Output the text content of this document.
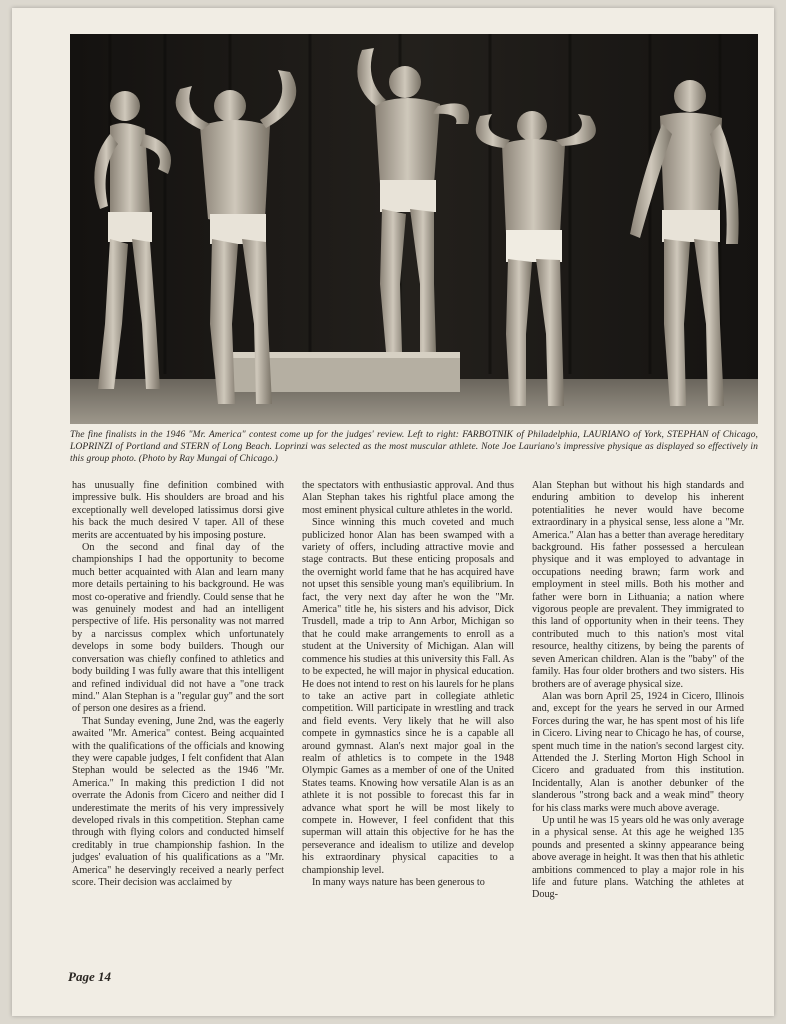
The fine finalists in the 1946 "Mr. America" contest come up for the judges' review. Left to right: FARBOTNIK of Philadelphia, LAURIANO of York, STEPHAN of Chicago, LOPRINZI of Portland and STERN of Long Beach. Loprinzi was selected as the most muscular athlete. Note Joe Lauriano's impressive physique as displayed so effectively in this group photo. (Photo by Ray Mungai of Chicago.)

has unusually fine definition combined with impressive bulk. His shoulders are broad and his exceptionally well developed latissimus dorsi give his back the much desired V taper. All of these merits are accentuated by his imposing posture.

On the second and final day of the championships I had the opportunity to become much better acquainted with Alan and learn many more details pertaining to his background. He was most co-operative and friendly. Could sense that he was genuinely modest and had an intelligent perspective of life. His personality was not marred by a narcissus complex which unfortunately develops in some body builders. Though our conversation was chiefly confined to athletics and body building I was fully aware that this intelligent and refined individual did not have a "one track mind." Alan Stephan is a "regular guy" and the sort of person one desires as a friend.

That Sunday evening, June 2nd, was the eagerly awaited "Mr. America" contest. Being acquainted with the qualifications of the officials and knowing they were capable judges, I felt confident that Alan Stephan would be selected as the 1946 "Mr. America." In making this prediction I did not overrate the Adonis from Cicero and neither did I underestimate the merits of his very impressively developed rivals in this competition. Stephan came through with flying colors and conducted himself creditably in true championship fashion. In the judges' evaluation of his qualifications as a "Mr. America" he deservingly received a nearly perfect score. Their decision was acclaimed by

the spectators with enthusiastic approval. And thus Alan Stephan takes his rightful place among the most eminent physical culture athletes in the world.

Since winning this much coveted and much publicized honor Alan has been swamped with a variety of offers, including attractive movie and stage contracts. But these enticing proposals and the overnight world fame that he has acquired have not upset this sensible young man's equilibrium. In fact, the very next day after he won the "Mr. America" title he, his sisters and his advisor, Dick Trusdell, made a trip to Ann Arbor, Michigan so that he could make arrangements to enroll as a student at the University of Michigan. Alan will commence his studies at this university this Fall. As to be expected, he will major in physical education. He does not intend to rest on his laurels for he plans to take an active part in collegiate athletic competition. Will participate in wrestling and track and field events. Very likely that he will also compete in gymnastics since he is a capable all around gymnast. Alan's next major goal in the realm of athletics is to compete in the 1948 Olympic Games as a member of one of the United States teams. Knowing how versatile Alan is as an athlete it is not possible to forecast this far in advance what sport he will be most likely to compete in. However, I feel confident that this superman will attain this objective for he has the perseverance and idealism to utilize and develop his extraordinary physical capacities to a championship level.

In many ways nature has been generous to

Alan Stephan but without his high standards and enduring ambition to develop his inherent potentialities he never would have become extraordinary in a physical sense, less alone a "Mr. America." Alan has a better than average hereditary background. His father possessed a herculean physique and it was employed to advantage in occupations needing brawn; farm work and employment in steel mills. Both his mother and father were born in Lithuania; a nation where vigorous people are prevalent. They immigrated to this land of opportunity when in their teens. They contributed much to this nation's most vital resource, healthy citizens, by being the parents of seven American children. Alan is the "baby" of the family. Has four older brothers and two sisters. His brothers are of average physical size.

Alan was born April 25, 1924 in Cicero, Illinois and, except for the years he served in our Armed Forces during the war, he has spent most of his life in Cicero. Living near to Chicago he has, of course, spent much time in the nation's second largest city. Attended the J. Sterling Morton High School in Cicero and graduated from this institution. Incidentally, Alan is another debunker of the slanderous "strong back and a weak mind" theory for his class marks were much above average.

Up until he was 15 years old he was only average in a physical sense. At this age he weighed 135 pounds and presented a skinny appearance being above average in height. It was then that his athletic ambitions commenced to play a major role in his life and future plans. Watching the athletes at Doug-

Page 14
